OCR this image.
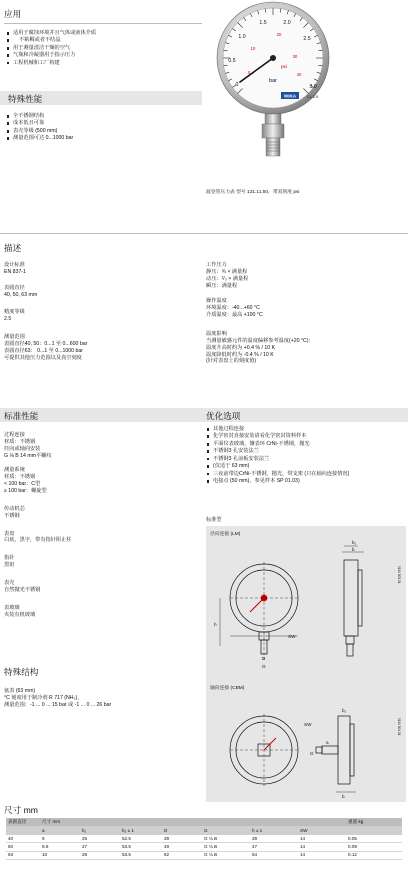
应用
适用于腐蚀环境并且气体或液体介质
不粘稠或者不结晶
用于测量清洁干燥的空气
气瓶和冷凝器用于指示压力
工程机械和工厂构建
特殊性能
全不锈钢结构
成本低且可靠
表壳等级 (500 mm)
测量范围可达 0...1000 bar
0
0.5
1.0
1.5	2.0
2.5
3.0
0
10
20
30
40
psi
bar
WIKA	CL 2.5
波登管压力表 型号 131.11.50，带双刻度 psi
描述
设计标准
EN 837-1
表圆直径
40, 50, 63 mm
精度等级
2.5
测量范围
表圆直径40, 50：0...1 至 0...600 bar
表圆直径63： 0...1 至 0...1000 bar
可提供其他压力范围以及真空刻度
工作压力
静压：¾ × 满量程
动压：²/₃ × 满量程
瞬压：满量程
操作温度
环境温度：-40...+60 °C
介质温度：最高 +100 °C
温度影响
当测量敏感元件的温度偏移参考温度(+20 °C)：
温度升高时约为 +0.4 % / 10 K
温度降低时约为 -0.4 % / 10 K
(针对表盘上的刻度值)
标准性能
过程连接
材质：不锈钢
径向或轴向安装
G ⅛ B 14 mm平螺纹
测量系统
材质：不锈钢
< 100 bar：C型
≥ 100 bar：螺旋型
传动机芯
不锈钢
表盘
白底，黑字，带有指针阻止柱
指针
黑铝
表壳
自然抛光不锈钢
表玻璃
夹装有机玻璃
特殊结构
氨表 (63 mm)
°C 刻度用于制冷剂 R 717 (NH₃)，
测量范围：-1 ... 0 ... 15 bar 或 -1 ... 0 ... 26 bar
优化选项
其他过程连接
化学密封直接安装请看化学密封资料样本
平面仪表玻璃，镶表环 CrNi-不锈钢，抛光
不锈钢3 孔安装法兰
不锈钢3 孔前板安装法兰
(仅适于 63 mm)
三夜前带边CrNi-不锈钢，抛光，带支架 (只在轴向连接情况)
电接点 (50 mm)，参见样本 SP 01.03)
标准型
径向连接 (LM)
轴向连接 (CBM)
b₁
b
h
SW
G
D
2110 003.01
SW
G
a
b
b₁
2110 004.01
尺寸 mm
表圆直径	尺寸 mm							重量 kg
	a	b₁	b₂ ± 1	D	G	h ± 1	SW	
40	9	25	52.5	39	G ⅛ B	39	14	0.05
50	9.6	27	53.5	49	G ⅛ B	47	14	0.09
63	10	28	53.5	62	G ⅛ B	54	14	0.12
